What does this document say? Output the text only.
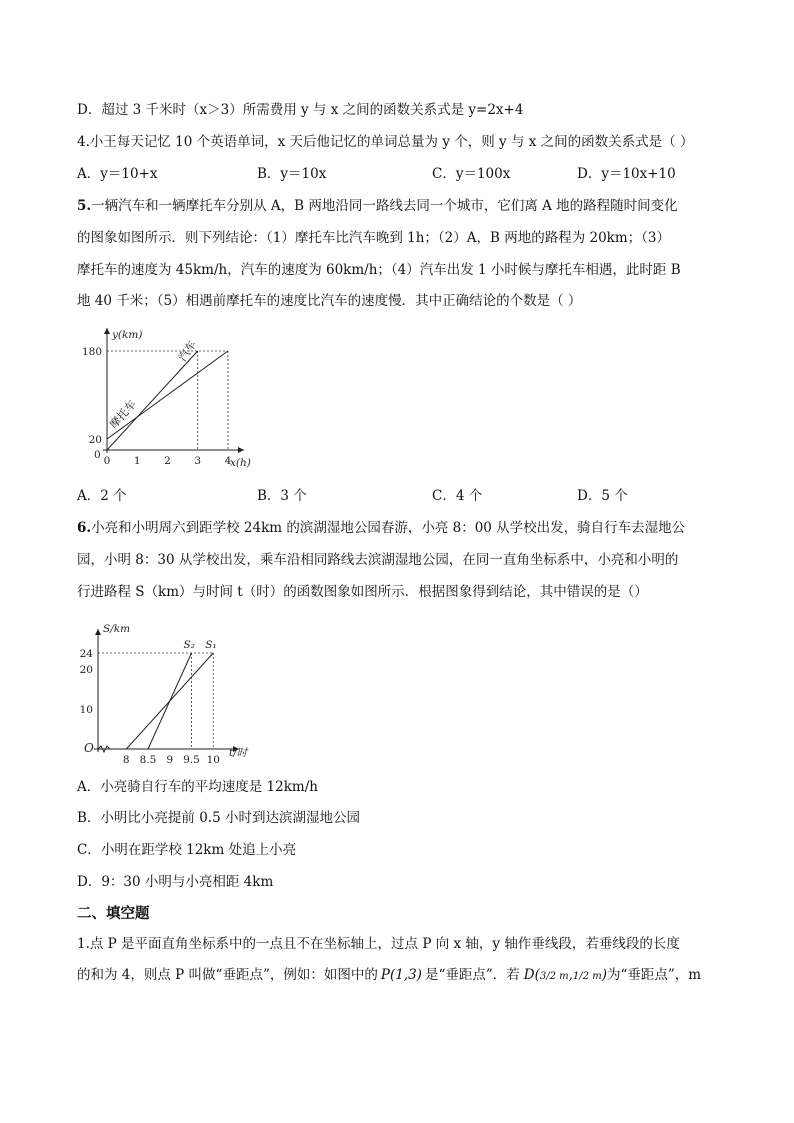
D．超过 3 千米时（x＞3）所需费用 y 与 x 之间的函数关系式是 y=2x+4
4.小王每天记忆 10 个英语单词，x 天后他记忆的单词总量为 y 个，则 y 与 x 之间的函数关系式是（ ）
A．y＝10+x	B．y＝10x	C．y＝100x	D．y＝10x+10
5.一辆汽车和一辆摩托车分别从 A，B 两地沿同一路线去同一个城市，它们离 A 地的路程随时间变化
的图象如图所示．则下列结论：（1）摩托车比汽车晚到 1h；（2）A，B 两地的路程为 20km；（3）
摩托车的速度为 45km/h，汽车的速度为 60km/h；（4）汽车出发 1 小时候与摩托车相遇，此时距 B
地 40 千米；（5）相遇前摩托车的速度比汽车的速度慢．其中正确结论的个数是（ ）
0 1 2 3 4
20
180
0
y(km)
x(h)
汽车
摩托车
A．2 个	B．3 个	C．4 个	D．5 个
6.小亮和小明周六到距学校 24km 的滨湖湿地公园春游，小亮 8：00 从学校出发，骑自行车去湿地公
园，小明 8：30 从学校出发，乘车沿相同路线去滨湖湿地公园，在同一直角坐标系中，小亮和小明的
行进路程 S（km）与时间 t（时）的函数图象如图所示．根据图象得到结论，其中错误的是（）
8 8.5 9 9.5 10
10
20
24
O
S/km
t/时
S₂ S₁
A．小亮骑自行车的平均速度是 12km/h
B．小明比小亮提前 0.5 小时到达滨湖湿地公园
C．小明在距学校 12km 处追上小亮
D．9：30 小明与小亮相距 4km
二、填空题
1.点 P 是平面直角坐标系中的一点且不在坐标轴上，过点 P 向 x 轴，y 轴作垂线段，若垂线段的长度
的和为 4，则点 P 叫做“垂距点”，例如：如图中的 P(1,3) 是“垂距点”．若 D(3/2 m,1/2 m)为“垂距点”，m
